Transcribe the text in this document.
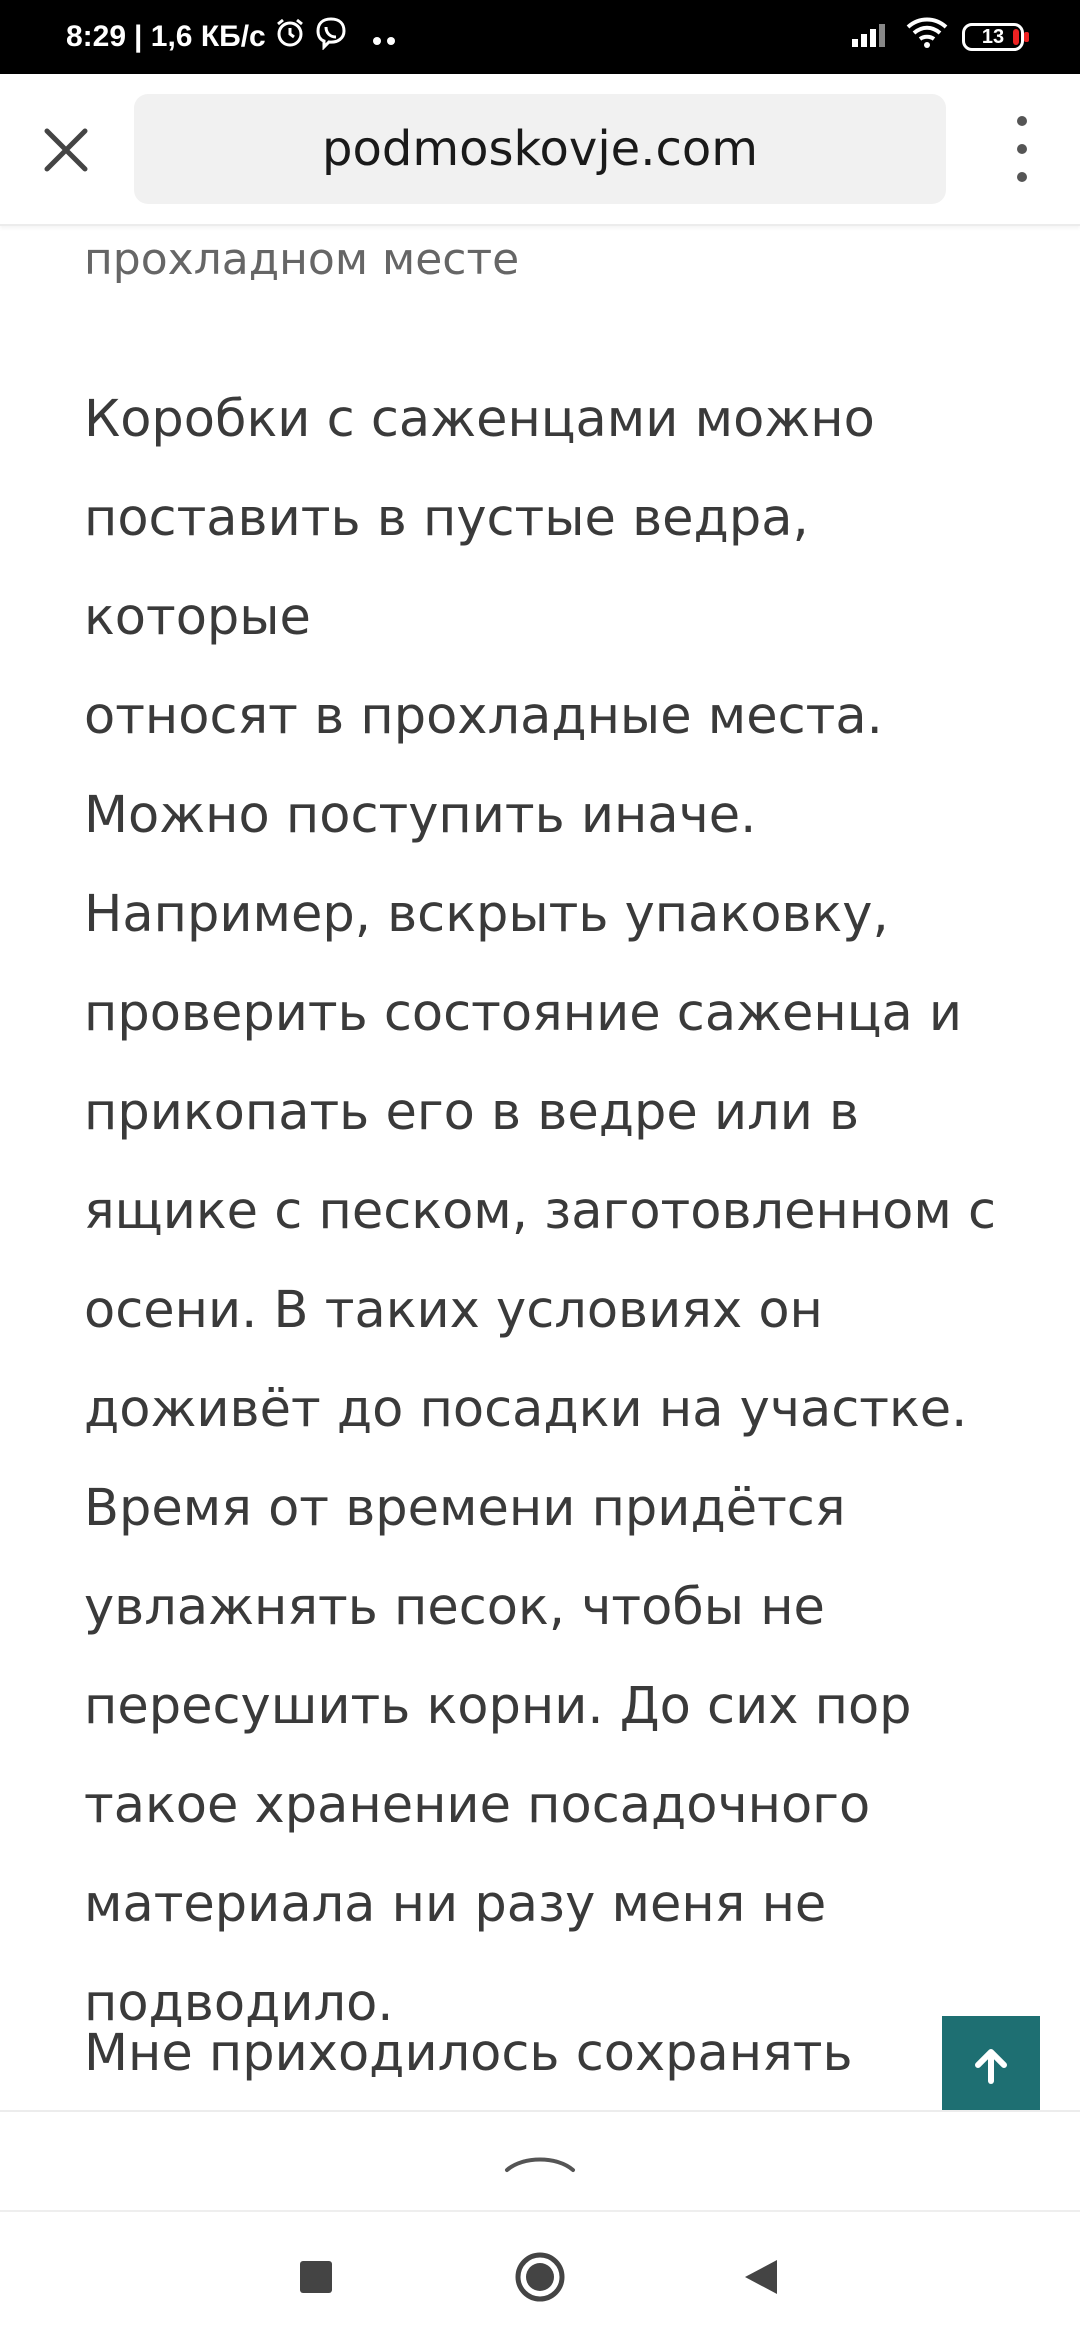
8:29 | 1,6 КБ/с	13
podmoskovje.com

прохладном месте

Коробки с саженцами можно
поставить в пустые ведра, которые
относят в прохладные места.
Можно поступить иначе.
Например, вскрыть упаковку,
проверить состояние саженца и
прикопать его в ведре или в
ящике с песком, заготовленном с
осени. В таких условиях он
доживёт до посадки на участке.
Время от времени придётся
увлажнять песок, чтобы не
пересушить корни. До сих пор
такое хранение посадочного
материала ни разу меня не
подводило.
Мне приходилось сохранять
